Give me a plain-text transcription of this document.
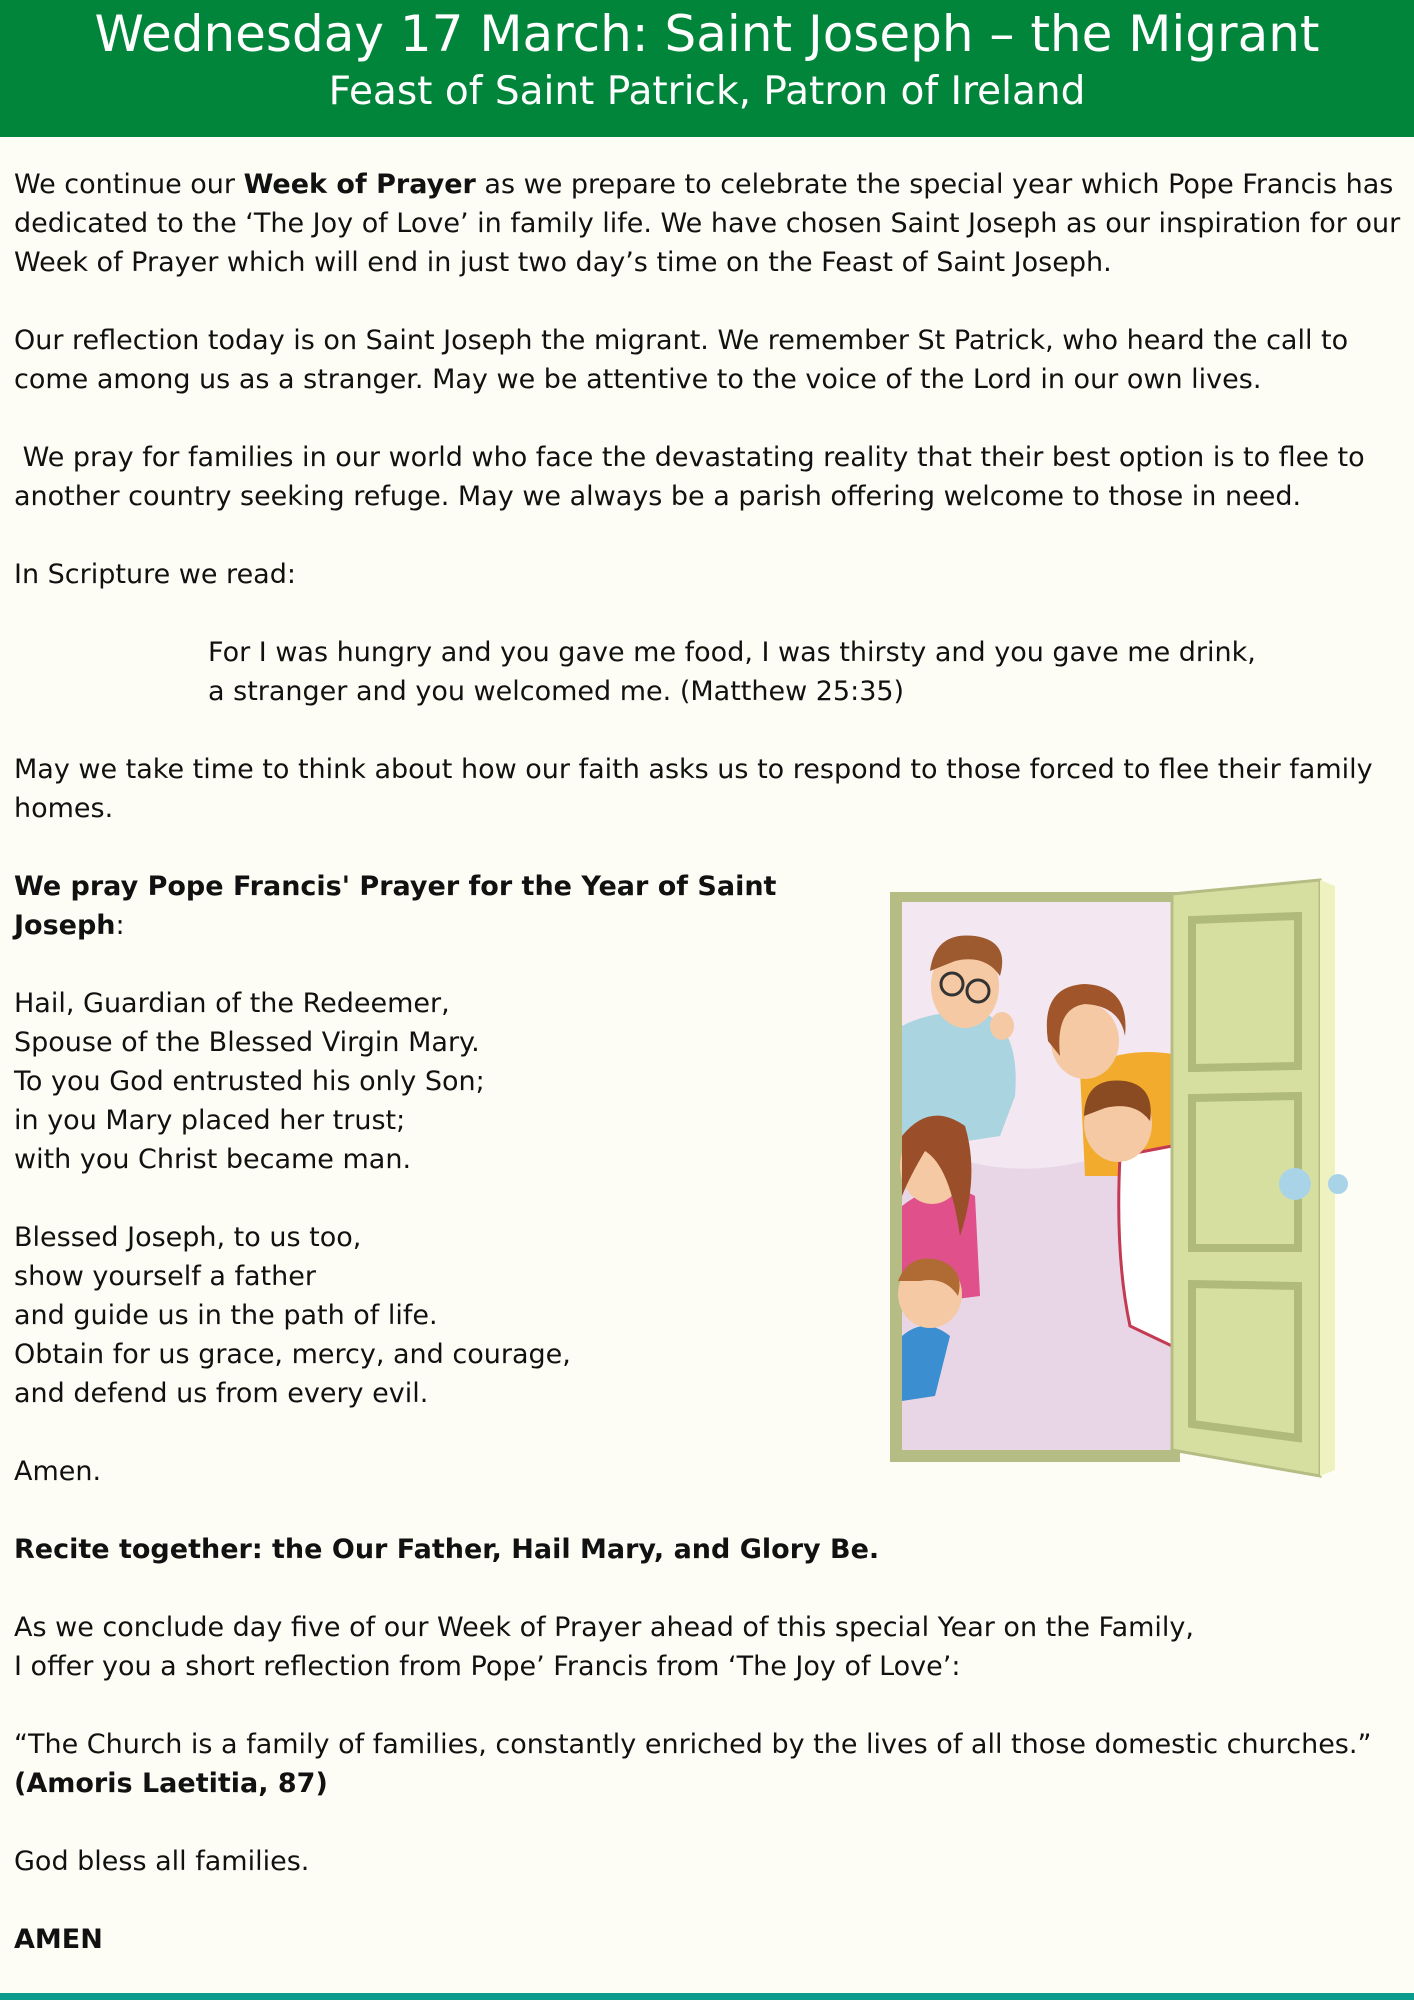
Wednesday 17 March: Saint Joseph – the Migrant
Feast of Saint Patrick, Patron of Ireland

We continue our Week of Prayer as we prepare to celebrate the special year which Pope Francis has dedicated to the ‘The Joy of Love’ in family life. We have chosen Saint Joseph as our inspiration for our Week of Prayer which will end in just two day’s time on the Feast of Saint Joseph.

Our reflection today is on Saint Joseph the migrant. We remember St Patrick, who heard the call to come among us as a stranger. May we be attentive to the voice of the Lord in our own lives.

We pray for families in our world who face the devastating reality that their best option is to flee to another country seeking refuge. May we always be a parish offering welcome to those in need.

In Scripture we read:

For I was hungry and you gave me food, I was thirsty and you gave me drink,
a stranger and you welcomed me. (Matthew 25:35)

May we take time to think about how our faith asks us to respond to those forced to flee their family homes.

We pray Pope Francis' Prayer for the Year of Saint Joseph:

Hail, Guardian of the Redeemer,
Spouse of the Blessed Virgin Mary.
To you God entrusted his only Son;
in you Mary placed her trust;
with you Christ became man.

Blessed Joseph, to us too,
show yourself a father
and guide us in the path of life.
Obtain for us grace, mercy, and courage,
and defend us from every evil.

Amen.

Recite together: the Our Father, Hail Mary, and Glory Be.

As we conclude day five of our Week of Prayer ahead of this special Year on the Family,
I offer you a short reflection from Pope’ Francis from ‘The Joy of Love’:

“The Church is a family of families, constantly enriched by the lives of all those domestic churches.”
(Amoris Laetitia, 87)

God bless all families.

AMEN
